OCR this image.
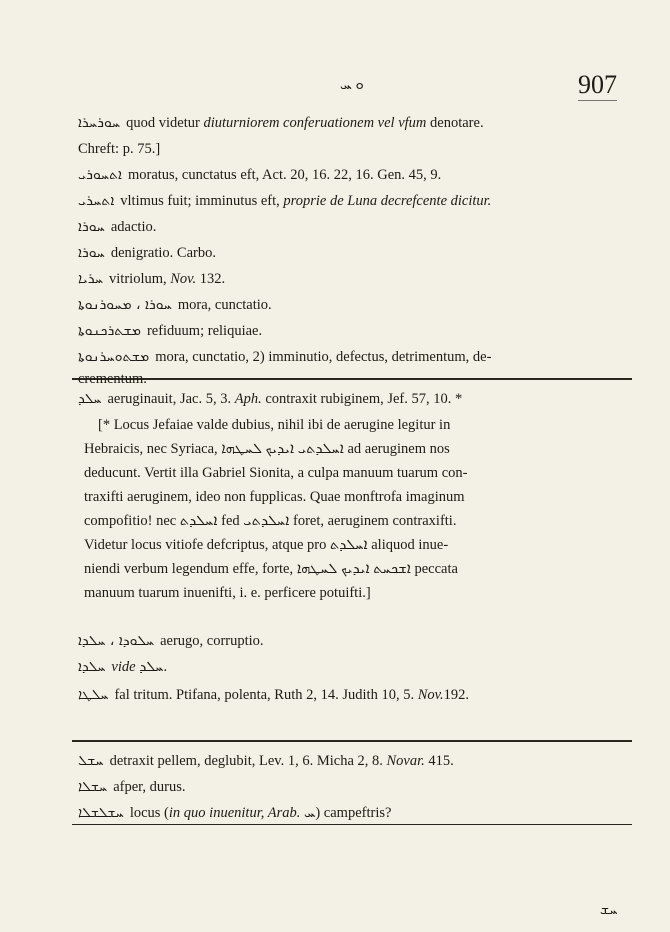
ܘ ܚ	907
ܚܫ
ܚܘܪܚܪܐ quod videtur diuturniorem conferuationem vel vfum denotare.
Chreft: p. 75.]
ܐܬܚܘܪܝ moratus, cunctatus eft, Act. 20, 16. 22, 16. Gen. 45, 9.
ܐܬܚܪܝ vltimus fuit; imminutus eft, proprie de Luna decrefcente dicitur.
ܚܘܪܐ adactio.
ܚܘܪܐ denigratio. Carbo.
ܚܪܝܐ vitriolum, Nov. 132.
ܚܘܪܐ ، ܡܚܘܪܢܘܬܐ mora, cunctatio.
ܡܫܬܪܟܢܘܬܐ refiduum; reliquiae.
ܡܫܬܘܚܪܢܘܬܐ mora, cunctatio, 2) imminutio, defectus, detrimentum, de-
crementum.
ܚܠܕ aeruginauit, Jac. 5, 3. Aph. contraxit rubiginem, Jef. 57, 10. *
[* Locus Jefaiae valde dubius, nihil ibi de aerugine legitur in
Hebraicis, nec Syriaca, ܐܚܠܕܬܝ ܐܝܕܝܟ ܠܚܛܗܐ ad aeruginem nos
deducunt. Vertit illa Gabriel Sionita, a culpa manuum tuarum con-
traxifti aeruginem, ideo non fupplicas. Quae monftrofa imaginum
compofitio! nec ܐܚܠܕܬ fed ܐܚܠܕܬܝ foret, aeruginem contraxifti.
Videtur locus vitiofe defcriptus, atque pro ܐܚܠܕܬ aliquod inue-
niendi verbum legendum effe, forte, ܐܫܟܚܬ ܐܝܕܝܟ ܠܚܛܗܐ peccata
manuum tuarum inuenifti, i. e. perficere potuifti.]
ܚܠܘܕܐ ، ܚܠܕܐ aerugo, corruptio.
ܚܠܕܐ vide ܚܠܕ.
ܚܠܛܐ fal tritum. Ptifana, polenta, Ruth 2, 14. Judith 10, 5. Nov.192.
ܚܫܠ detraxit pellem, deglubit, Lev. 1, 6. Micha 2, 8. Novar. 415.
ܚܫܠܐ afper, durus.
ܚܫܠܫܠܐ locus (in quo inuenitur, Arab. ܚ) campeftris?
